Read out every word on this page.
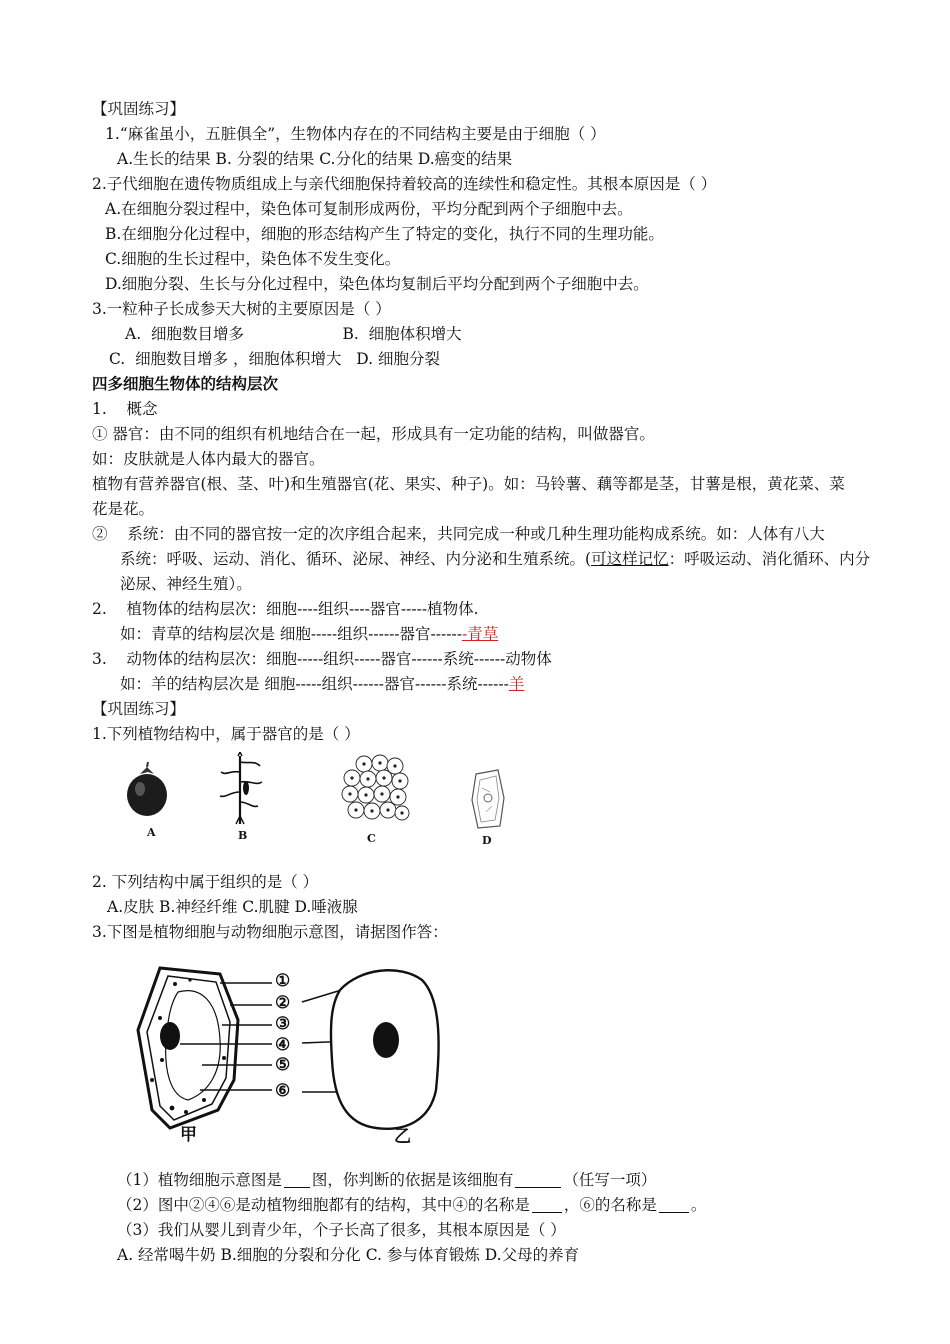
【巩固练习】
1.“麻雀虽小，五脏俱全”，生物体内存在的不同结构主要是由于细胞（ ）
A.生长的结果 B. 分裂的结果 C.分化的结果 D.癌变的结果
2.子代细胞在遗传物质组成上与亲代细胞保持着较高的连续性和稳定性。其根本原因是（ ）
A.在细胞分裂过程中，染色体可复制形成两份，平均分配到两个子细胞中去。
B.在细胞分化过程中，细胞的形态结构产生了特定的变化，执行不同的生理功能。
C.细胞的生长过程中，染色体不发生变化。
D.细胞分裂、生长与分化过程中，染色体均复制后平均分配到两个子细胞中去。
3.一粒种子长成参天大树的主要原因是（ ）
A.  细胞数目增多                    B.  细胞体积增大
C.  细胞数目增多 ，细胞体积增大   D. 细胞分裂
四多细胞生物体的结构层次
1.    概念
① 器官：由不同的组织有机地结合在一起，形成具有一定功能的结构，叫做器官。
如：皮肤就是人体内最大的器官。
植物有营养器官(根、茎、叶)和生殖器官(花、果实、种子)。如：马铃薯、藕等都是茎，甘薯是根，黄花菜、菜
花是花。
②    系统：由不同的器官按一定的次序组合起来，共同完成一种或几种生理功能构成系统。如：人体有八大
系统：呼吸、运动、消化、循环、泌尿、神经、内分泌和生殖系统。(可这样记忆：呼吸运动、消化循环、内分
泌尿、神经生殖）。
2.    植物体的结构层次：细胞----组织----器官-----植物体.
如：青草的结构层次是 细胞-----组织------器官-------青草
3.    动物体的结构层次：细胞-----组织-----器官------系统------动物体
如：羊的结构层次是 细胞-----组织------器官------系统------羊
【巩固练习】
1.下列植物结构中，属于器官的是（ ）
A	B	C	D
2. 下列结构中属于组织的是（ ）
A.皮肤 B.神经纤维 C.肌腱 D.唾液腺
3.下图是植物细胞与动物细胞示意图，请据图作答：
①
②
③
④
⑤
⑥
甲	乙
（1）植物细胞示意图是 图，你判断的依据是该细胞有	（任写一项）
（2）图中②④⑥是动植物细胞都有的结构，其中④的名称是 ，⑥的名称是 。
（3）我们从婴儿到青少年，个子长高了很多，其根本原因是（ ）
A. 经常喝牛奶 B.细胞的分裂和分化 C. 参与体育锻炼 D.父母的养育
